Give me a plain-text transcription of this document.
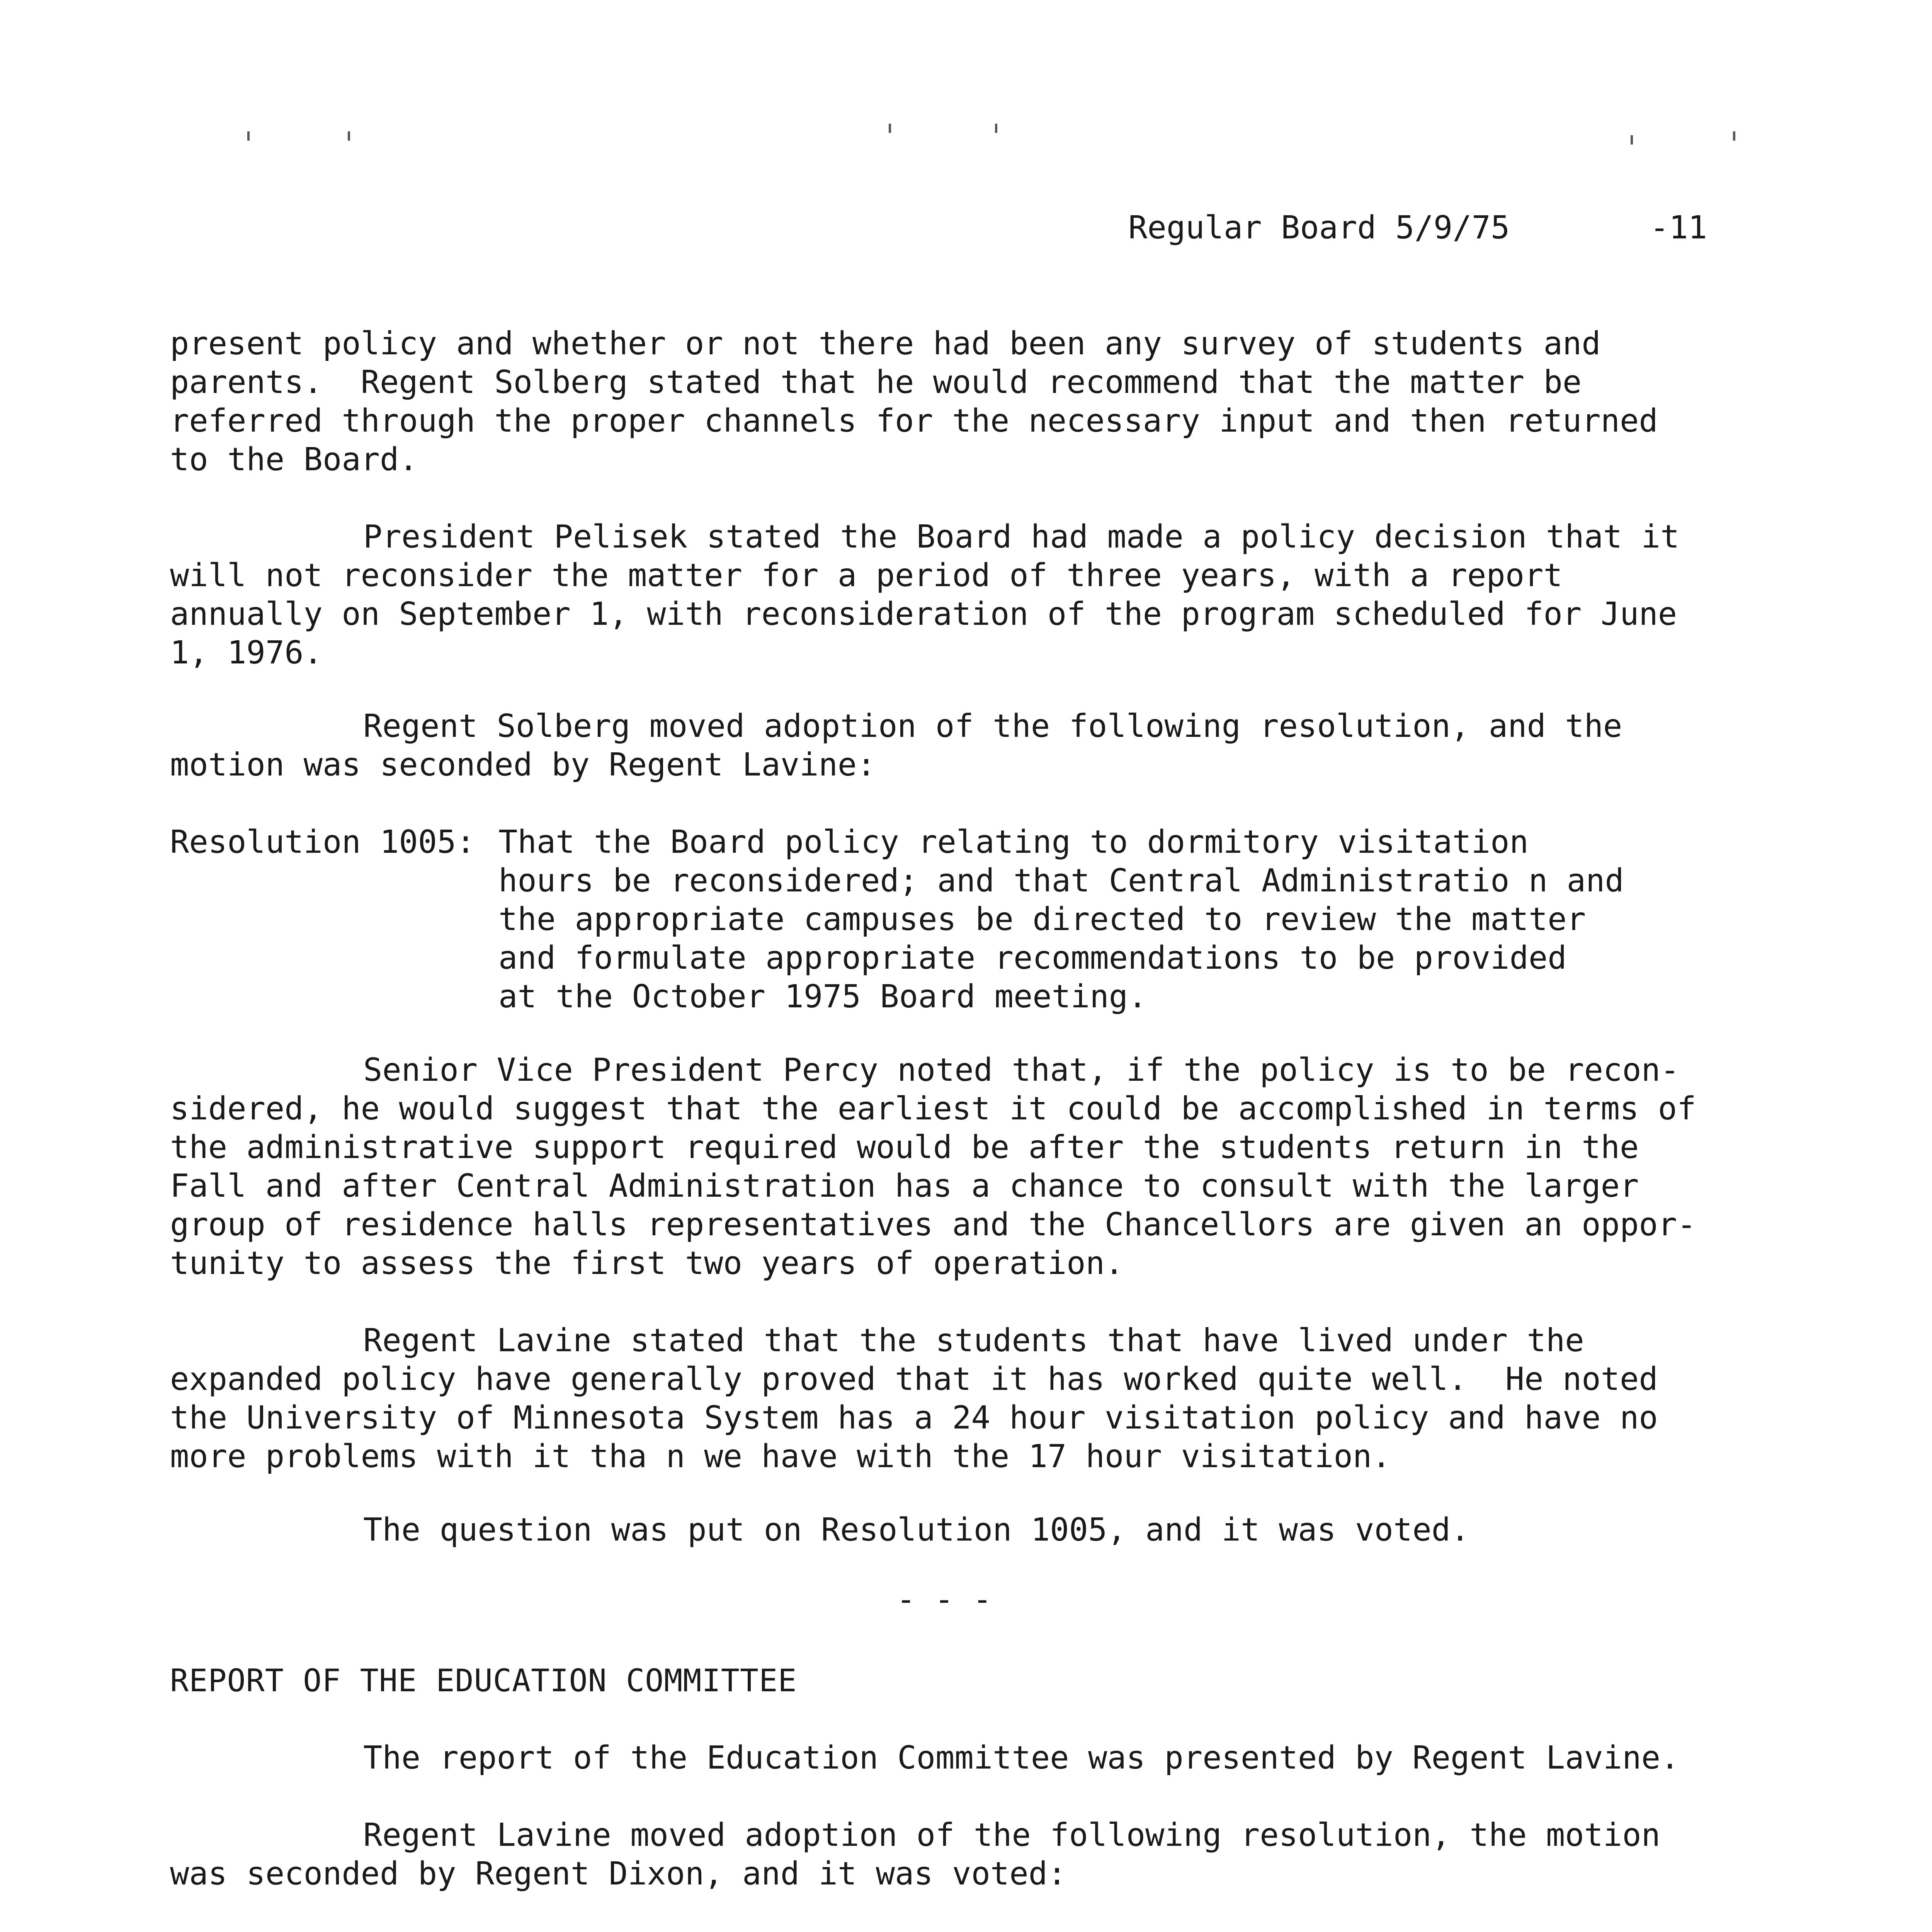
Regular Board 5/9/75	-11
present policy and whether or not there had been any survey of students and
parents.  Regent Solberg stated that he would recommend that the matter be
referred through the proper channels for the necessary input and then returned
to the Board.
President Pelisek stated the Board had made a policy decision that it
will not reconsider the matter for a period of three years, with a report
annually on September 1, with reconsideration of the program scheduled for June
1, 1976.
Regent Solberg moved adoption of the following resolution, and the
motion was seconded by Regent Lavine:
Resolution 1005: That the Board policy relating to dormitory visitation
hours be reconsidered; and that Central Administratio n and
the appropriate campuses be directed to review the matter
and formulate appropriate recommendations to be provided
at the October 1975 Board meeting.
Senior Vice President Percy noted that, if the policy is to be recon-
sidered, he would suggest that the earliest it could be accomplished in terms of
the administrative support required would be after the students return in the
Fall and after Central Administration has a chance to consult with the larger
group of residence halls representatives and the Chancellors are given an oppor-
tunity to assess the first two years of operation.
Regent Lavine stated that the students that have lived under the
expanded policy have generally proved that it has worked quite well.  He noted
the University of Minnesota System has a 24 hour visitation policy and have no
more problems with it tha n we have with the 17 hour visitation.
The question was put on Resolution 1005, and it was voted.
- - -
REPORT OF THE EDUCATION COMMITTEE
The report of the Education Committee was presented by Regent Lavine.
Regent Lavine moved adoption of the following resolution, the motion
was seconded by Regent Dixon, and it was voted:
